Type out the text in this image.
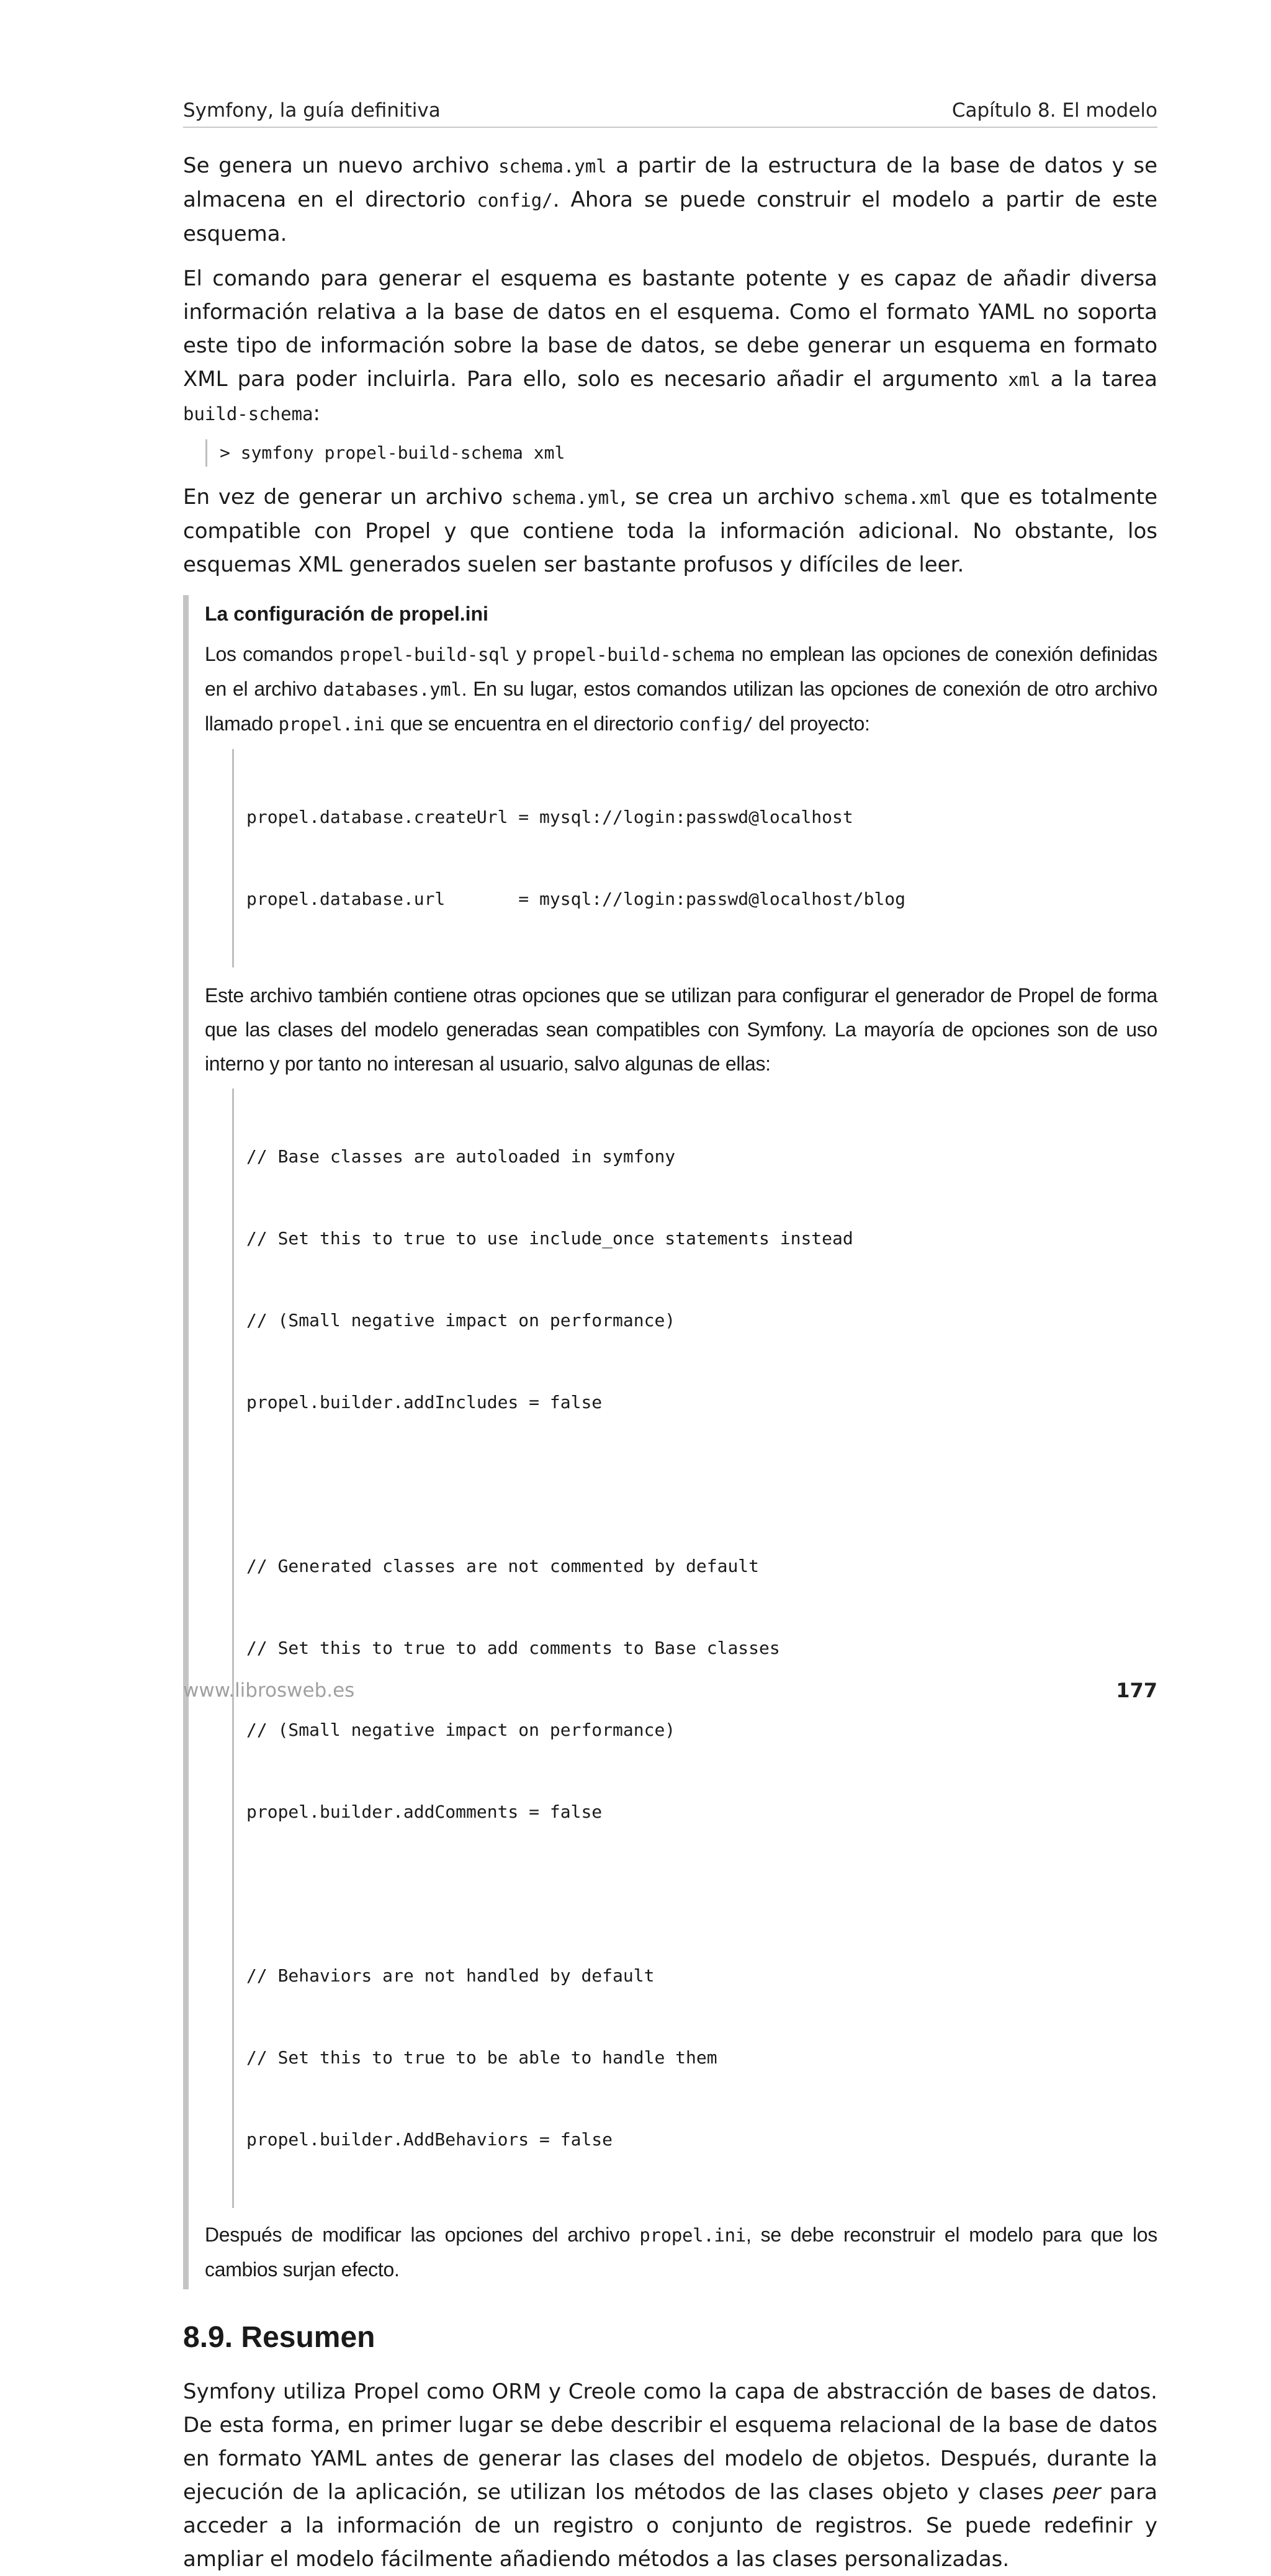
Symfony, la guía definitiva	Capítulo 8. El modelo

Se genera un nuevo archivo schema.yml a partir de la estructura de la base de datos y se almacena en el directorio config/. Ahora se puede construir el modelo a partir de este esquema.

El comando para generar el esquema es bastante potente y es capaz de añadir diversa información relativa a la base de datos en el esquema. Como el formato YAML no soporta este tipo de información sobre la base de datos, se debe generar un esquema en formato XML para poder incluirla. Para ello, solo es necesario añadir el argumento xml a la tarea build-schema:

> symfony propel-build-schema xml

En vez de generar un archivo schema.yml, se crea un archivo schema.xml que es totalmente compatible con Propel y que contiene toda la información adicional. No obstante, los esquemas XML generados suelen ser bastante profusos y difíciles de leer.

La configuración de propel.ini

Los comandos propel-build-sql y propel-build-schema no emplean las opciones de conexión definidas en el archivo databases.yml. En su lugar, estos comandos utilizan las opciones de conexión de otro archivo llamado propel.ini que se encuentra en el directorio config/ del proyecto:

propel.database.createUrl = mysql://login:passwd@localhost

propel.database.url       = mysql://login:passwd@localhost/blog

Este archivo también contiene otras opciones que se utilizan para configurar el generador de Propel de forma que las clases del modelo generadas sean compatibles con Symfony. La mayoría de opciones son de uso interno y por tanto no interesan al usuario, salvo algunas de ellas:

// Base classes are autoloaded in symfony

// Set this to true to use include_once statements instead

// (Small negative impact on performance)

propel.builder.addIncludes = false

// Generated classes are not commented by default

// Set this to true to add comments to Base classes

// (Small negative impact on performance)

propel.builder.addComments = false

// Behaviors are not handled by default

// Set this to true to be able to handle them

propel.builder.AddBehaviors = false

Después de modificar las opciones del archivo propel.ini, se debe reconstruir el modelo para que los cambios surjan efecto.

8.9. Resumen

Symfony utiliza Propel como ORM y Creole como la capa de abstracción de bases de datos. De esta forma, en primer lugar se debe describir el esquema relacional de la base de datos en formato YAML antes de generar las clases del modelo de objetos. Después, durante la ejecución de la aplicación, se utilizan los métodos de las clases objeto y clases peer para acceder a la información de un registro o conjunto de registros. Se puede redefinir y ampliar el modelo fácilmente añadiendo métodos a las clases personalizadas.

www.librosweb.es	177
